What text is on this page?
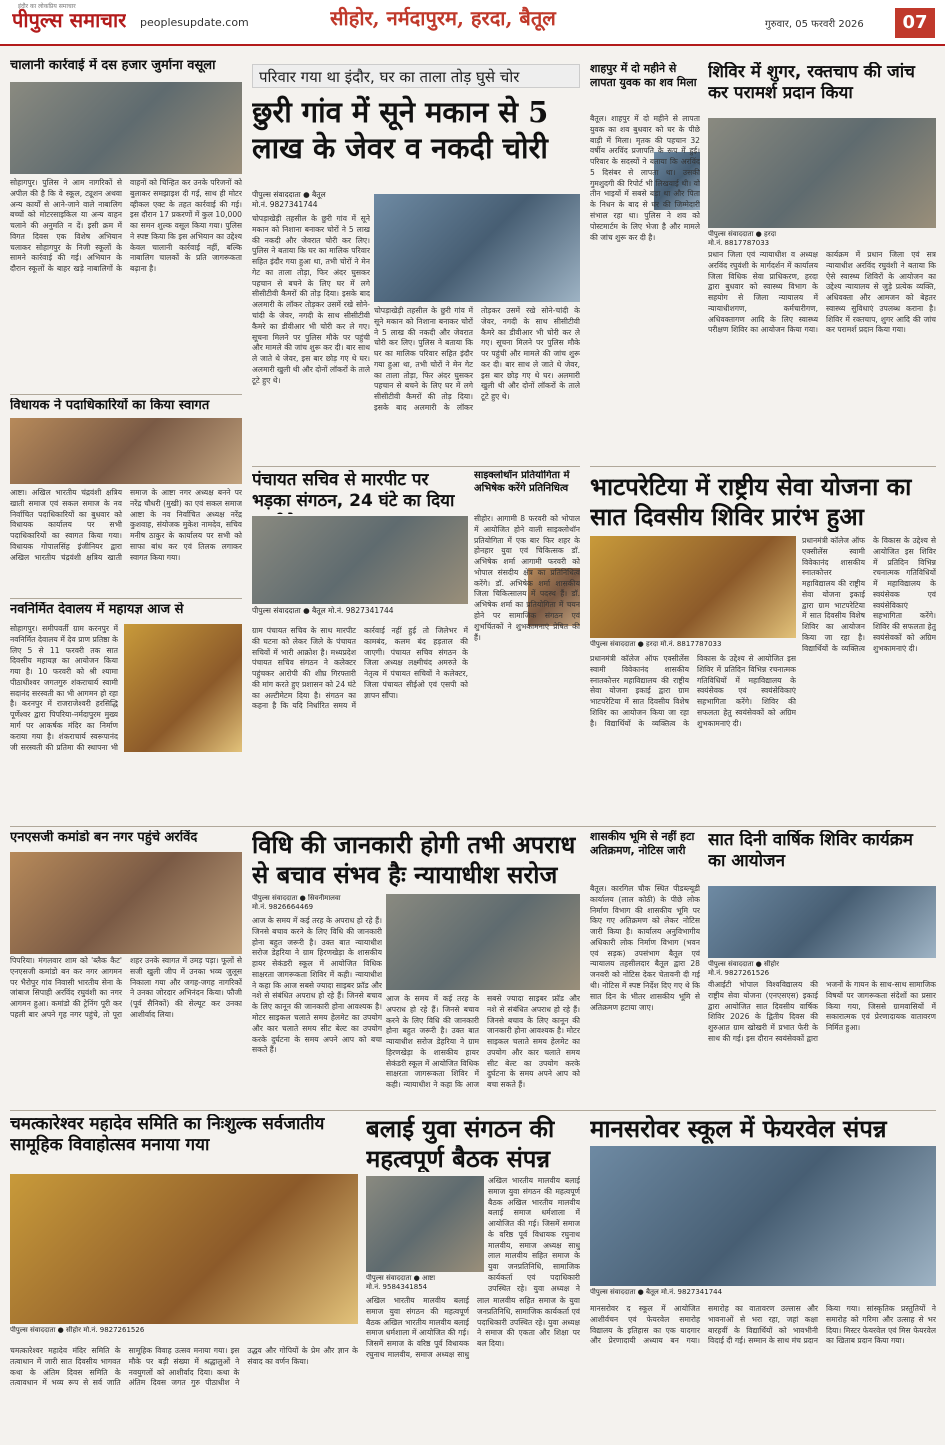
इंदौर का लोकप्रिय समाचार
पीपुल्स समाचार peoplesupdate.com	सीहोर, नर्मदापुरम, हरदा, बैतूल	गुरुवार, 05 फरवरी 2026	07
चालानी कार्रवाई में दस हजार जुर्माना वसूला
सोहागपुर। पुलिस ने आम नागरिकों से अपील की है कि वे स्कूल, ट्यूशन अथवा अन्य कार्यों से आने-जाने वाले नाबालिग बच्चों को मोटरसाइकिल या अन्य वाहन चलाने की अनुमति न दें। इसी क्रम में विगत दिवस एक विशेष अभियान चलाकर सोहागपुर के निजी स्कूलों के सामने कार्रवाई की गई। अभियान के दौरान स्कूलों के बाहर खड़े नाबालिगों के वाहनों को चिन्हित कर उनके परिजनों को बुलाकर समझाइश दी गई, साथ ही मोटर व्हीकल एक्ट के तहत कार्रवाई की गई। इस दौरान 17 प्रकरणों में कुल 10,000 का समन शुल्क वसूल किया गया। पुलिस ने स्पष्ट किया कि इस अभियान का उद्देश्य केवल चालानी कार्रवाई नहीं, बल्कि नाबालिग चालकों के प्रति जागरूकता बढ़ाना है।
विधायक ने पदाधिकारियों का किया स्वागत
आष्टा। अखिल भारतीय चंद्रवंशी क्षत्रिय खाती समाज एवं सकल समाज के नव निर्वाचित पदाधिकारियों का बुधवार को विधायक कार्यालय पर सभी पदाधिकारियों का स्वागत किया गया। विधायक गोपालसिंह इंजीनियर द्वारा अखिल भारतीय चंद्रवंशी क्षत्रिय खाती समाज के आष्टा नगर अध्यक्ष बनने पर नरेंद्र चौधरी (मुखी) का एवं सकल समाज आष्टा के नव निर्वाचित अध्यक्ष नरेंद्र कुशवाह, संयोजक मुकेश नामदेव, सचिव मनीष ठाकुर के कार्यालय पर सभी को साफा बांध कर एवं तिलक लगाकर स्वागत किया गया।
नवनिर्मित देवालय में महायज्ञ आज से
सोहागपुर। समीपवर्ती ग्राम करनपुर में नवनिर्मित देवालय में देव प्राण प्रतिष्ठा के लिए 5 से 11 फरवरी तक सात दिवसीय महायज्ञ का आयोजन किया गया है। 10 फरवरी को श्री श्यामा पीठाधीश्वर जगतगुरु शंकराचार्य स्वामी सदानंद सरस्वती का भी आगमन हो रहा है। करनपुर में राजराजेश्वरी हरसिद्धि पूर्णेश्वर द्वारा पिपरिया-नर्मदापुरम मुख्य मार्ग पर आकर्षक मंदिर का निर्माण कराया गया है। शंकराचार्य स्वरूपानंद जी सरस्वती की प्रतिमा की स्थापना भी
परिवार गया था इंदौर, घर का ताला तोड़ घुसे चोर
छुरी गांव में सूने मकान से 5 लाख के जेवर व नकदी चोरी
पीपुल्स संवाददाता ● बैतूल
मो.नं. 9827341744
चोपड़ाखेड़ी तहसील के छुरी गांव में सूने मकान को निशाना बनाकर चोरों ने 5 लाख की नकदी और जेवरात चोरी कर लिए। पुलिस ने बताया कि घर का मालिक परिवार सहित इंदौर गया हुआ था, तभी चोरों ने मेन गेट का ताला तोड़ा, फिर अंदर घुसकर पहचान से बचने के लिए घर में लगे सीसीटीवी कैमरों की तोड़ दिया। इसके बाद अलमारी के लॉकर तोड़कर उसमें रखे सोने-चांदी के जेवर, नगदी के साथ सीसीटीवी कैमरे का डीवीआर भी चोरी कर ले गए। सूचना मिलने पर पुलिस मौके पर पहुंची और मामले की जांच शुरू कर दी। बार साथ ले जाते थे जेवर, इस बार छोड़ गए थे घर। अलमारी खुली थी और दोनों लॉकरों के ताले टूटे हुए थे।
चोपड़ाखेड़ी तहसील के छुरी गांव में सूने मकान को निशाना बनाकर चोरों ने 5 लाख की नकदी और जेवरात चोरी कर लिए। पुलिस ने बताया कि घर का मालिक परिवार सहित इंदौर गया हुआ था, तभी चोरों ने मेन गेट का ताला तोड़ा, फिर अंदर घुसकर पहचान से बचने के लिए घर में लगे सीसीटीवी कैमरों की तोड़ दिया। इसके बाद अलमारी के लॉकर तोड़कर उसमें रखे सोने-चांदी के जेवर, नगदी के साथ सीसीटीवी कैमरे का डीवीआर भी चोरी कर ले गए। सूचना मिलने पर पुलिस मौके पर पहुंची और मामले की जांच शुरू कर दी। बार साथ ले जाते थे जेवर, इस बार छोड़ गए थे घर। अलमारी खुली थी और दोनों लॉकरों के ताले टूटे हुए थे।
पंचायत सचिव से मारपीट पर भड़का संगठन, 24 घंटे का दिया
पीपुल्स संवाददाता ● बैतूल मो.नं. 9827341744
ग्राम पंचायत सचिव के साथ मारपीट की घटना को लेकर जिले के पंचायत सचिवों में भारी आक्रोश है। मध्यप्रदेश पंचायत सचिव संगठन ने कलेक्टर पहुंचकर आरोपी की शीघ्र गिरफ्तारी की मांग करते हुए प्रशासन को 24 घंटे का अल्टीमेटम दिया है। संगठन का कहना है कि यदि निर्धारित समय में कार्रवाई नहीं हुई तो जिलेभर में कामबंद, कलम बंद हड़ताल की जाएगी। पंचायत सचिव संगठन के जिला अध्यक्ष लक्ष्मीचंद अमरुते के नेतृत्व में पंचायत सचिवों ने कलेक्टर, जिला पंचायत सीईओ एवं एसपी को ज्ञापन सौंपा।
साइक्लोथॉन प्रतियोगिता में अभिषेक करेंगे प्रतिनिधित्व
सीहोर। आगामी 8 फरवरी को भोपाल में आयोजित होने वाली साइक्लोथॉन प्रतियोगिता में एक बार फिर शहर के होनहार युवा एवं चिकित्सक डॉ. अभिषेक शर्मा आगामी फरवरी को भोपाल संसदीय क्षेत्र का प्रतिनिधित्व करेंगे। डॉ. अभिषेक शर्मा शासकीय जिला चिकित्सालय में पदस्थ हैं। डॉ. अभिषेक शर्मा का प्रतियोगिता में चयन होने पर सामाजिक संगठन एवं शुभचिंतकों ने शुभकामनाएं प्रेषित की हैं।
शाहपुर में दो महीने से लापता युवक का शव मिला
बैतूल। शाहपुर में दो महीने से लापता युवक का शव बुधवार को घर के पीछे बाड़ी में मिला। मृतक की पहचान 32 वर्षीय अरविंद प्रजापति के रूप में हुई। परिवार के सदस्यों ने बताया कि अरविंद 5 दिसंबर से लापता था। उसकी गुमशुदगी की रिपोर्ट भी लिखवाई थी। वो तीन भाइयों में सबसे बड़ा था और पिता के निधन के बाद से घर की जिम्मेदारी संभाल रहा था। पुलिस ने शव को पोस्टमार्टम के लिए भेजा है और मामले की जांच शुरू कर दी है।
शिविर में शुगर, रक्तचाप की जांच कर परामर्श प्रदान किया
पीपुल्स संवाददाता ● हरदा
मो.नं. 8817787033
प्रधान जिला एवं न्यायाधीश व अध्यक्ष अरविंद रघुवंशी के मार्गदर्शन में कार्यालय जिला विधिक सेवा प्राधिकरण, हरदा द्वारा बुधवार को स्वास्थ्य विभाग के सहयोग से जिला न्यायालय में न्यायाधीशगण, कर्मचारीगण, अधिवक्तागण आदि के लिए स्वास्थ्य परीक्षण शिविर का आयोजन किया गया। कार्यक्रम में प्रधान जिला एवं सत्र न्यायाधीश अरविंद रघुवंशी ने बताया कि ऐसे स्वास्थ्य शिविरों के आयोजन का उद्देश्य न्यायालय से जुड़े प्रत्येक व्यक्ति, अधिवक्ता और आमजन को बेहतर स्वास्थ्य सुविधाएं उपलब्ध कराना है। शिविर में रक्तचाप, शुगर आदि की जांच कर परामर्श प्रदान किया गया।
भाटपरेटिया में राष्ट्रीय सेवा योजना का सात दिवसीय शिविर प्रारंभ हुआ
पीपुल्स संवाददाता ● हरदा मो.नं. 8817787033
प्रधानमंत्री कॉलेज ऑफ एक्सीलेंस स्वामी विवेकानंद शासकीय स्नातकोत्तर महाविद्यालय की राष्ट्रीय सेवा योजना इकाई द्वारा ग्राम भाटपरेटिया में सात दिवसीय विशेष शिविर का आयोजन किया जा रहा है। विद्यार्थियों के व्यक्तित्व के विकास के उद्देश्य से आयोजित इस शिविर में प्रतिदिन विभिन्न रचनात्मक गतिविधियों में महाविद्यालय के स्वयंसेवक एवं स्वयंसेविकाएं सहभागिता करेंगे। शिविर की सफलता हेतु स्वयंसेवकों को अग्रिम शुभकामनाएं दी।
प्रधानमंत्री कॉलेज ऑफ एक्सीलेंस स्वामी विवेकानंद शासकीय स्नातकोत्तर महाविद्यालय की राष्ट्रीय सेवा योजना इकाई द्वारा ग्राम भाटपरेटिया में सात दिवसीय विशेष शिविर का आयोजन किया जा रहा है। विद्यार्थियों के व्यक्तित्व के विकास के उद्देश्य से आयोजित इस शिविर में प्रतिदिन विभिन्न रचनात्मक गतिविधियों में महाविद्यालय के स्वयंसेवक एवं स्वयंसेविकाएं सहभागिता करेंगे। शिविर की सफलता हेतु स्वयंसेवकों को अग्रिम शुभकामनाएं दी।
एनएसजी कमांडो बन नगर पहुंचे अरविंद
पिपरिया। मंगलवार शाम को 'ब्लैक कैट' एनएसजी कमांडो बन कर नगर आगमन पर भैरोपुर गांव निवासी भारतीय सेना के जांबाज सिपाही अरविंद रघुवंशी का नगर आगमन हुआ। कमांडो की ट्रेनिंग पूरी कर पहली बार अपने गृह नगर पहुंचे, तो पूरा शहर उनके स्वागत में उमड़ पड़ा। फूलों से सजी खुली जीप में उनका भव्य जुलूस निकाला गया और जगह-जगह नागरिकों ने उनका जोरदार अभिनंदन किया। फौजी (पूर्व सैनिकों) की सेल्यूट कर उनका आशीर्वाद लिया।
विधि की जानकारी होगी तभी अपराध से बचाव संभव हैः न्यायाधीश सरोज
पीपुल्स संवाददाता ● सिवनीमालवा
मो.नं. 9826664469
आज के समय में कई तरह के अपराध हो रहे हैं। जिनसे बचाव करने के लिए विधि की जानकारी होना बहुत जरूरी है। उक्त बात न्यायाधीश सरोज डेहरिया ने ग्राम हिरणखेड़ा के शासकीय हायर सेकंडरी स्कूल में आयोजित विधिक साक्षरता जागरूकता शिविर में कही। न्यायाधीश ने कहा कि आज सबसे ज्यादा साइबर फ्रॉड और नशे से संबंधित अपराध हो रहे हैं। जिनसे बचाव के लिए कानून की जानकारी होना आवश्यक है। मोटर साइकल चलाते समय हेलमेट का उपयोग और कार चलाते समय सीट बेल्ट का उपयोग करके दुर्घटना के समय अपने आप को बचा सकते हैं।
आज के समय में कई तरह के अपराध हो रहे हैं। जिनसे बचाव करने के लिए विधि की जानकारी होना बहुत जरूरी है। उक्त बात न्यायाधीश सरोज डेहरिया ने ग्राम हिरणखेड़ा के शासकीय हायर सेकंडरी स्कूल में आयोजित विधिक साक्षरता जागरूकता शिविर में कही। न्यायाधीश ने कहा कि आज सबसे ज्यादा साइबर फ्रॉड और नशे से संबंधित अपराध हो रहे हैं। जिनसे बचाव के लिए कानून की जानकारी होना आवश्यक है। मोटर साइकल चलाते समय हेलमेट का उपयोग और कार चलाते समय सीट बेल्ट का उपयोग करके दुर्घटना के समय अपने आप को बचा सकते हैं।
शासकीय भूमि से नहीं हटा अतिक्रमण, नोटिस जारी
बैतूल। कारगिल चौक स्थित पीडब्ल्यूडी कार्यालय (लाल कोठी) के पीछे लोक निर्माण विभाग की शासकीय भूमि पर किए गए अतिक्रमण को लेकर नोटिस जारी किया है। कार्यालय अनुविभागीय अधिकारी लोक निर्माण विभाग (भवन एवं सड़क) उपसंभाग बैतूल एवं न्यायालय तहसीलदार बैतूल द्वारा 28 जनवरी को नोटिस देकर चेतावनी दी गई थी। नोटिस में स्पष्ट निर्देश दिए गए थे कि सात दिन के भीतर शासकीय भूमि से अतिक्रमण हटाया जाए।
सात दिनी वार्षिक शिविर कार्यक्रम का आयोजन
पीपुल्स संवाददाता ● सीहोर
मो.नं. 9827261526
वीआईटी भोपाल विश्वविद्यालय की राष्ट्रीय सेवा योजना (एनएसएस) इकाई द्वारा आयोजित सात दिवसीय वार्षिक शिविर 2026 के द्वितीय दिवस की शुरुआत ग्राम खोखरी में प्रभात फेरी के साथ की गई। इस दौरान स्वयंसेवकों द्वारा भजनों के गायन के साथ-साथ सामाजिक विषयों पर जागरूकता संदेशों का प्रसार किया गया, जिससे ग्रामवासियों में सकारात्मक एवं प्रेरणादायक वातावरण निर्मित हुआ।
चमत्कारेश्वर महादेव समिति का निःशुल्क सर्वजातीय सामूहिक विवाहोत्सव मनाया गया
पीपुल्स संवाददाता ● सीहोर मो.नं. 9827261526
चमत्कारेश्वर महादेव मंदिर समिति के तत्वाधान में जारी सात दिवसीय भागवत कथा के अंतिम दिवस समिति के तत्वावधान में भव्य रूप से सर्व जाति सामूहिक विवाह उत्सव मनाया गया। इस मौके पर बड़ी संख्या में श्रद्धालुओं ने नवयुगलों को आशीर्वाद दिया। कथा के अंतिम दिवस जगत गुरु पीठाधीश ने उद्धव और गोपियों के प्रेम और ज्ञान के संवाद का वर्णन किया।
बलाई युवा संगठन की महत्वपूर्ण बैठक संपन्न
पीपुल्स संवाददाता ● आष्टा
मो.नं. 9584341854
अखिल भारतीय मालवीय बलाई समाज युवा संगठन की महत्वपूर्ण बैठक अखिल भारतीय मालवीय बलाई समाज धर्मशाला में आयोजित की गई। जिसमें समाज के वरिष्ठ पूर्व विधायक रघुनाथ मालवीय, समाज अध्यक्ष साधु लाल मालवीय सहित समाज के युवा जनप्रतिनिधि, सामाजिक कार्यकर्ता एवं पदाधिकारी उपस्थित रहे। युवा अध्यक्ष ने समाज की एकता और शिक्षा पर बल दिया।
अखिल भारतीय मालवीय बलाई समाज युवा संगठन की महत्वपूर्ण बैठक अखिल भारतीय मालवीय बलाई समाज धर्मशाला में आयोजित की गई। जिसमें समाज के वरिष्ठ पूर्व विधायक रघुनाथ मालवीय, समाज अध्यक्ष साधु लाल मालवीय सहित समाज के युवा जनप्रतिनिधि, सामाजिक कार्यकर्ता एवं पदाधिकारी उपस्थित रहे। युवा अध्यक्ष ने
मानसरोवर स्कूल में फेयरवेल संपन्न
पीपुल्स संवाददाता ● बैतूल मो.नं. 9827341744
मानसरोवर द स्कूल में आयोजित आशीर्वचन एवं फेयरवेल समारोह विद्यालय के इतिहास का एक यादगार और प्रेरणादायी अध्याय बन गया। समारोह का वातावरण उल्लास और भावनाओं से भरा रहा, जहां कक्षा बारहवीं के विद्यार्थियों को भावभीनी विदाई दी गई। सम्मान के साथ मंच प्रदान किया गया। सांस्कृतिक प्रस्तुतियों ने समारोह को गरिमा और उत्साह से भर दिया। मिस्टर फेयरवेल एवं मिस फेयरवेल का खिताब प्रदान किया गया।
